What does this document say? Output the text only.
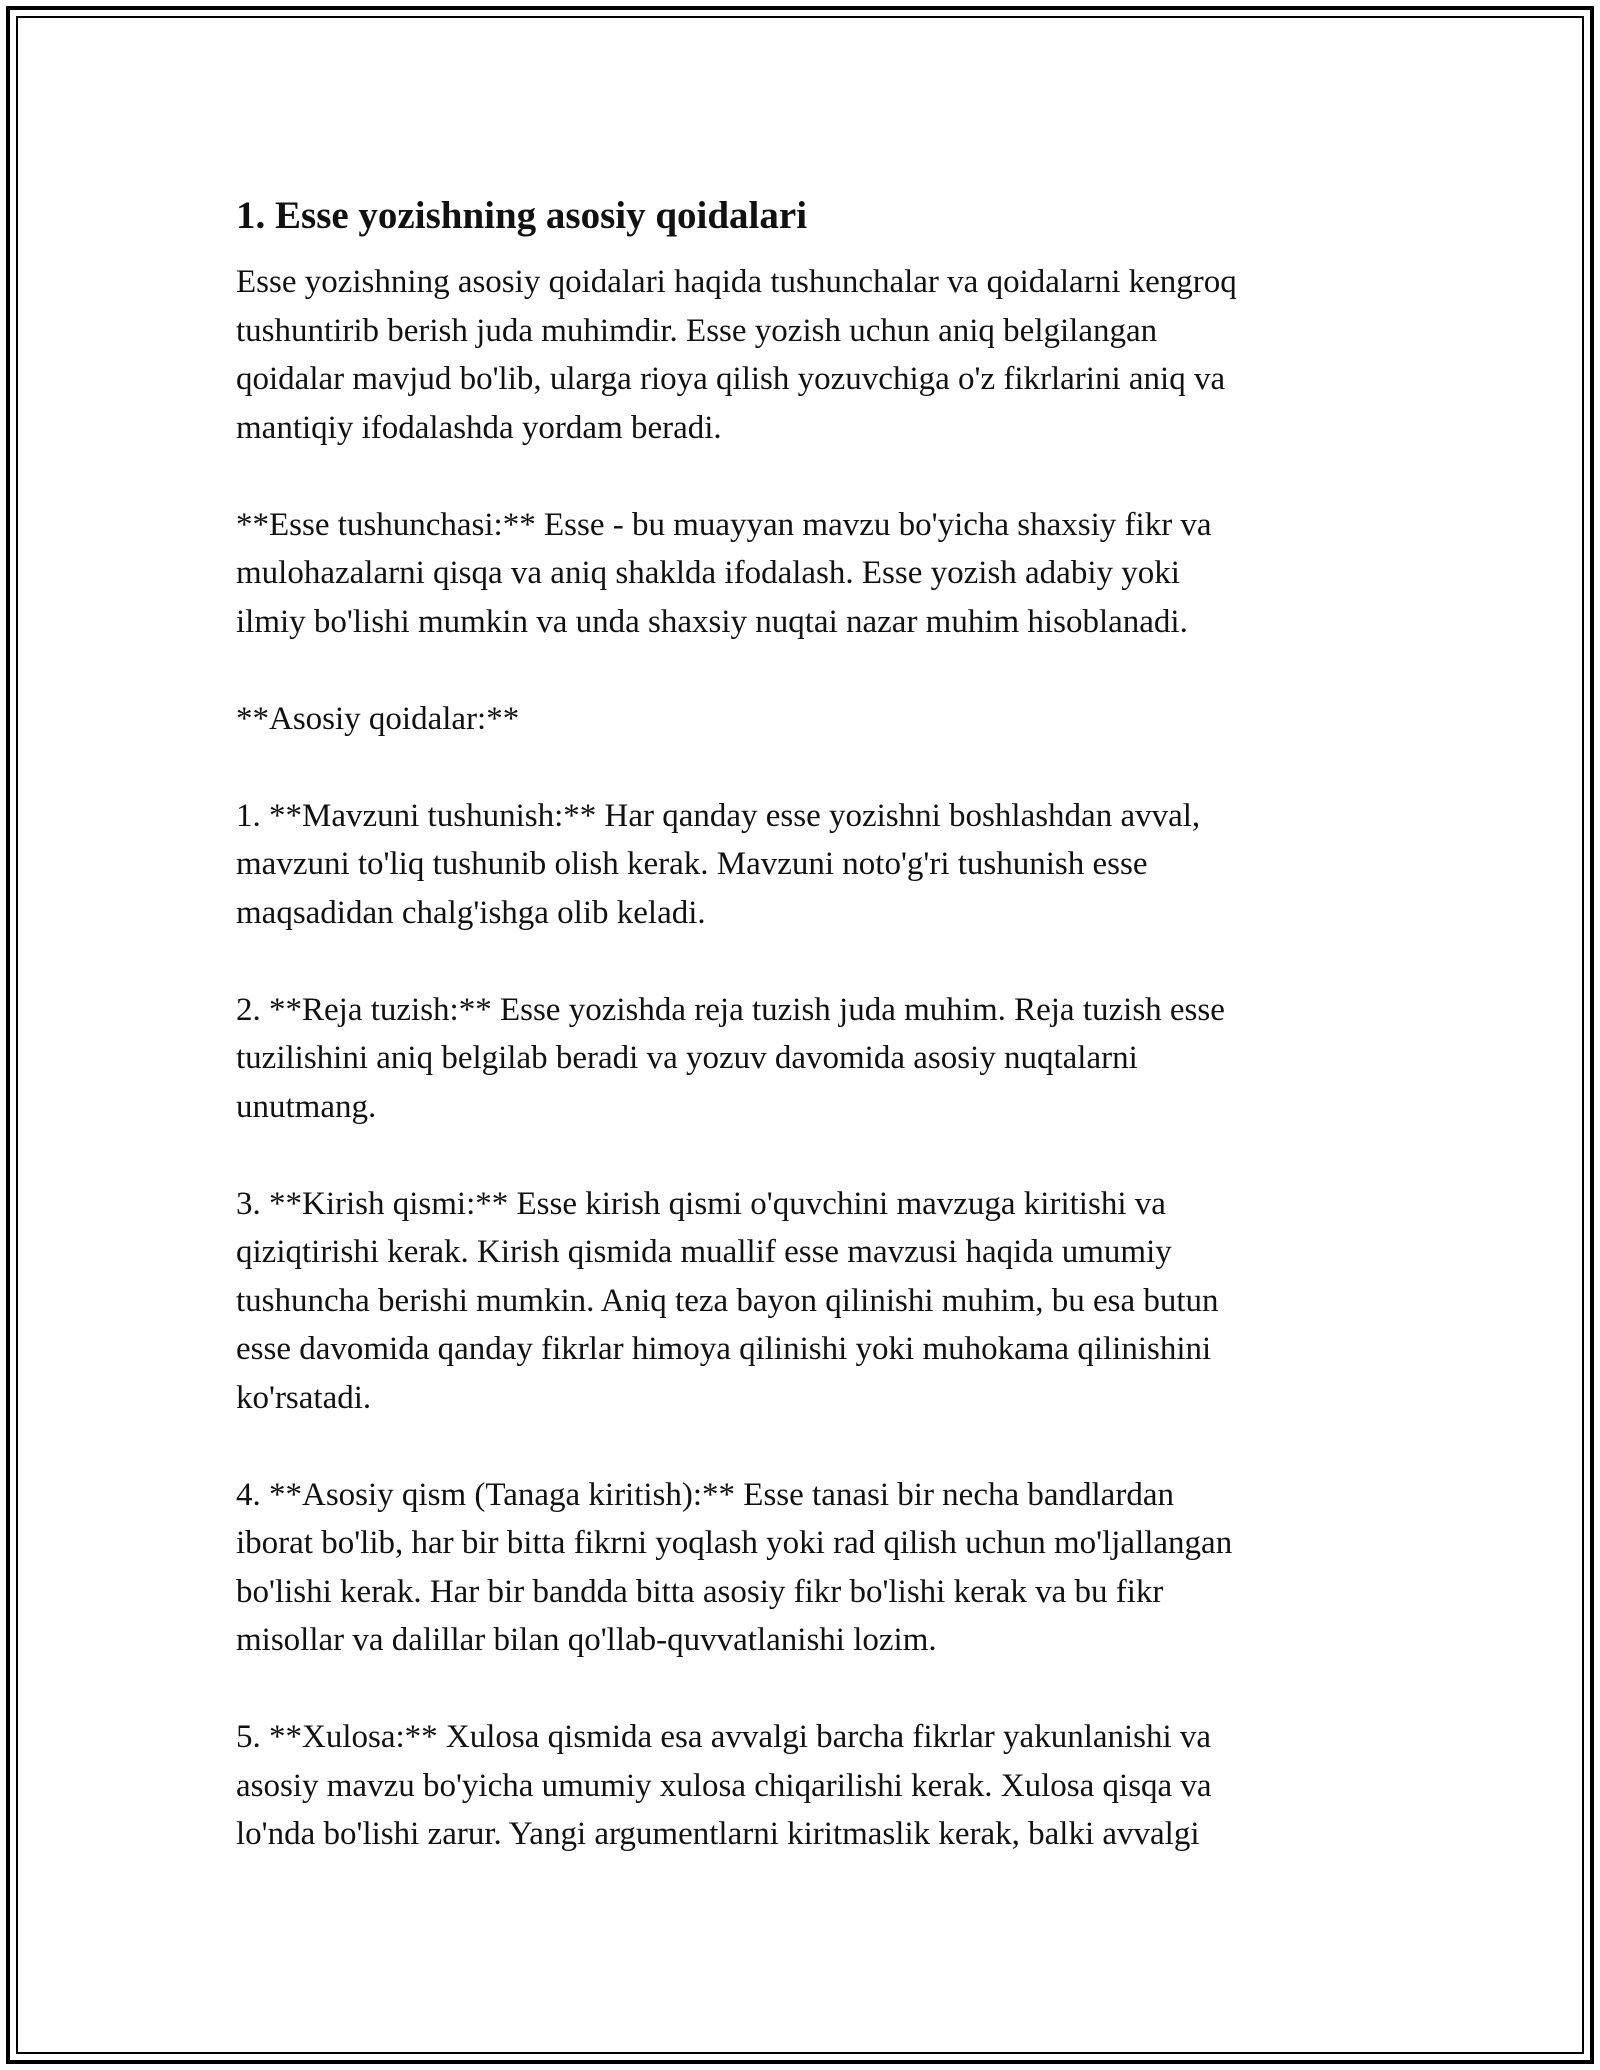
1. Esse yozishning asosiy qoidalari

Esse yozishning asosiy qoidalari haqida tushunchalar va qoidalarni kengroq
tushuntirib berish juda muhimdir. Esse yozish uchun aniq belgilangan
qoidalar mavjud bo'lib, ularga rioya qilish yozuvchiga o'z fikrlarini aniq va
mantiqiy ifodalashda yordam beradi.

**Esse tushunchasi:** Esse - bu muayyan mavzu bo'yicha shaxsiy fikr va
mulohazalarni qisqa va aniq shaklda ifodalash. Esse yozish adabiy yoki
ilmiy bo'lishi mumkin va unda shaxsiy nuqtai nazar muhim hisoblanadi.

**Asosiy qoidalar:**

1. **Mavzuni tushunish:** Har qanday esse yozishni boshlashdan avval,
mavzuni to'liq tushunib olish kerak. Mavzuni noto'g'ri tushunish esse
maqsadidan chalg'ishga olib keladi.

2. **Reja tuzish:** Esse yozishda reja tuzish juda muhim. Reja tuzish esse
tuzilishini aniq belgilab beradi va yozuv davomida asosiy nuqtalarni
unutmang.

3. **Kirish qismi:** Esse kirish qismi o'quvchini mavzuga kiritishi va
qiziqtirishi kerak. Kirish qismida muallif esse mavzusi haqida umumiy
tushuncha berishi mumkin. Aniq teza bayon qilinishi muhim, bu esa butun
esse davomida qanday fikrlar himoya qilinishi yoki muhokama qilinishini
ko'rsatadi.

4. **Asosiy qism (Tanaga kiritish):** Esse tanasi bir necha bandlardan
iborat bo'lib, har bir bitta fikrni yoqlash yoki rad qilish uchun mo'ljallangan
bo'lishi kerak. Har bir bandda bitta asosiy fikr bo'lishi kerak va bu fikr
misollar va dalillar bilan qo'llab-quvvatlanishi lozim.

5. **Xulosa:** Xulosa qismida esa avvalgi barcha fikrlar yakunlanishi va
asosiy mavzu bo'yicha umumiy xulosa chiqarilishi kerak. Xulosa qisqa va
lo'nda bo'lishi zarur. Yangi argumentlarni kiritmaslik kerak, balki avvalgi
